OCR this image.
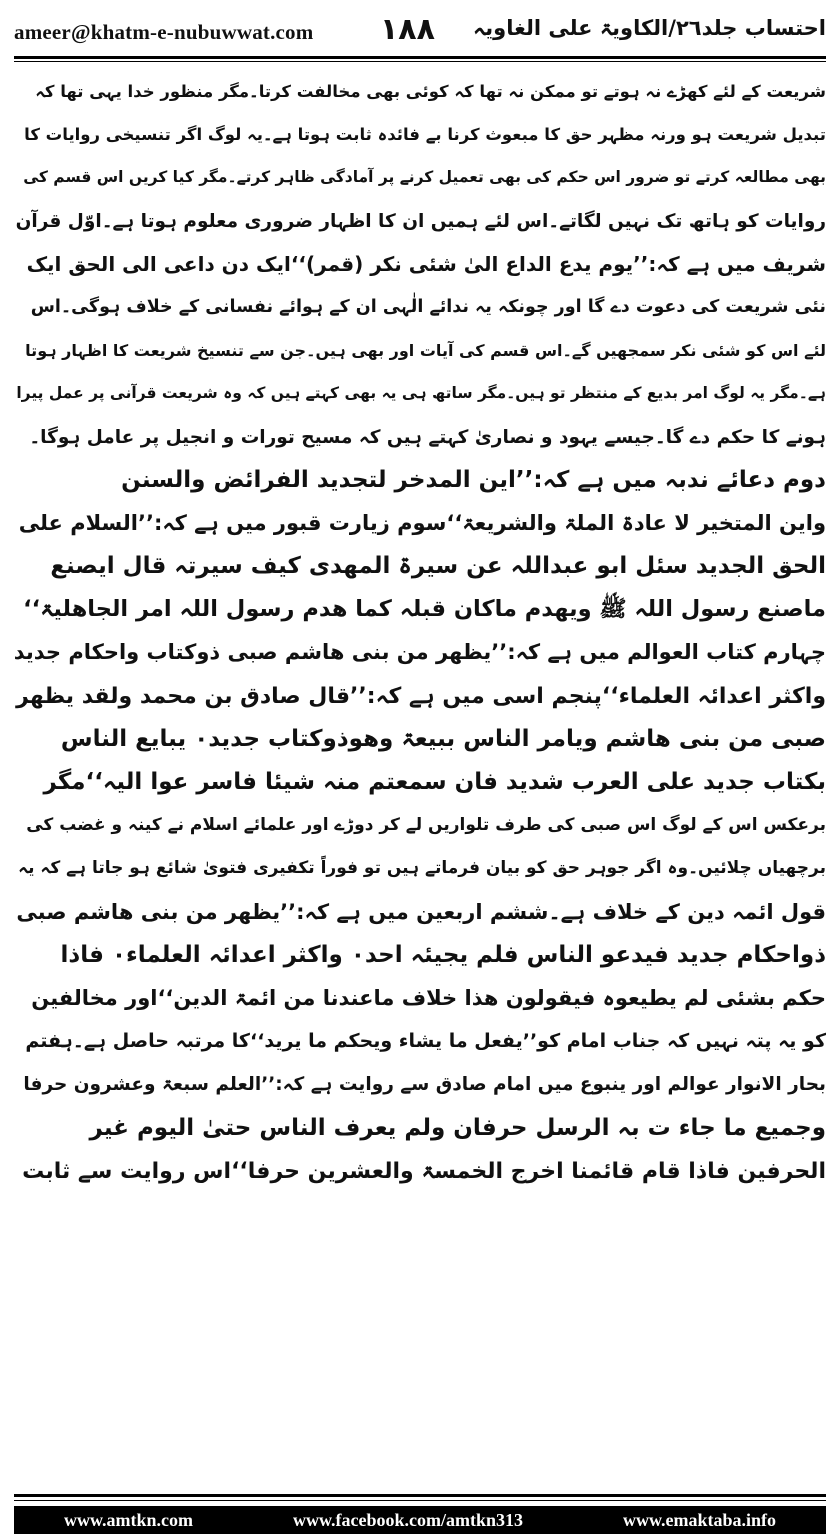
ameer@khatm-e-nubuwwat.com ١٨٨ احتساب جلد٢٦/الکاویۃ علی الغاویہ
شریعت کے لئے کھڑے نہ ہوتے تو ممکن نہ تھا کہ کوئی بھی مخالفت کرتا۔مگر منظور خدا یہی تھا کہ
تبدیل شریعت ہو ورنہ مظہر حق کا مبعوث کرنا بے فائدہ ثابت ہوتا ہے۔یہ لوگ اگر تنسیخی روایات کا
بھی مطالعہ کرتے تو ضرور اس حکم کی بھی تعمیل کرنے پر آمادگی ظاہر کرتے۔مگر کیا کریں اس قسم کی
روایات کو ہاتھ تک نہیں لگاتے۔اس لئے ہمیں ان کا اظہار ضروری معلوم ہوتا ہے۔اوّل قرآن
شریف میں ہے کہ:’’یوم یدع الداع الیٰ شئی نکر (قمر)‘‘ایک دن داعی الی الحق ایک
نئی شریعت کی دعوت دے گا اور چونکہ یہ ندائے الٰہی ان کے ہوائے نفسانی کے خلاف ہوگی۔اس
لئے اس کو شئی نکر سمجھیں گے۔اس قسم کی آیات اور بھی ہیں۔جن سے تنسیخ شریعت کا اظہار ہوتا
ہے۔مگر یہ لوگ امر بدیع کے منتظر تو ہیں۔مگر ساتھ ہی یہ بھی کہتے ہیں کہ وہ شریعت قرآنی پر عمل پیرا
ہونے کا حکم دے گا۔جیسے یہود و نصاریٰ کہتے ہیں کہ مسیح تورات و انجیل پر عامل ہوگا۔
دوم دعائے ندبہ میں ہے کہ:’’این المدخر لتجدید الفرائض والسنن
واین المتخیر لا عادۃ الملۃ والشریعۃ‘‘سوم زیارت قبور میں ہے کہ:’’السلام علی
الحق الجدید سئل ابو عبداللہ عن سیرۃ المھدی کیف سیرتہ قال ایصنع
ماصنع رسول اللہ ﷺ ویھدم ماکان قبلہ کما ھدم رسول اللہ امر الجاھلیۃ‘‘
چہارم کتاب العوالم میں ہے کہ:’’یظھر من بنی ھاشم صبی ذوکتاب واحکام جدید
واکثر اعدائہ العلماء‘‘پنجم اسی میں ہے کہ:’’قال صادق بن محمد ولقد یظھر
صبی من بنی ھاشم ویامر الناس ببیعۃ وھوذوکتاب جدید۰ یبایع الناس
بکتاب جدید علی العرب شدید فان سمعتم منہ شیئا فاسر عوا الیہ‘‘مگر
برعکس اس کے لوگ اس صبی کی طرف تلواریں لے کر دوڑے اور علمائے اسلام نے کینہ و غضب کی
برچھیاں چلائیں۔وہ اگر جوہر حق کو بیان فرماتے ہیں تو فوراً تکفیری فتویٰ شائع ہو جاتا ہے کہ یہ
قول ائمہ دین کے خلاف ہے۔ششم اربعین میں ہے کہ:’’یظھر من بنی ھاشم صبی
ذواحکام جدید فیدعو الناس فلم یجیئہ احد۰ واکثر اعدائہ العلماء۰ فاذا
حکم بشئی لم یطیعوہ فیقولون ھذا خلاف ماعندنا من ائمۃ الدین‘‘اور مخالفین
کو یہ پتہ نہیں کہ جناب امام کو’’یفعل ما یشاء ویحکم ما یرید‘‘کا مرتبہ حاصل ہے۔ہفتم
بحار الانوار عوالم اور ینبوع میں امام صادق سے روایت ہے کہ:’’العلم سبعۃ وعشرون حرفا
وجمیع ما جاء ت بہ الرسل حرفان ولم یعرف الناس حتیٰ الیوم غیر
الحرفین فاذا قام قائمنا اخرج الخمسۃ والعشرین حرفا‘‘اس روایت سے ثابت
www.amtkn.com	www.facebook.com/amtkn313	www.emaktaba.info
